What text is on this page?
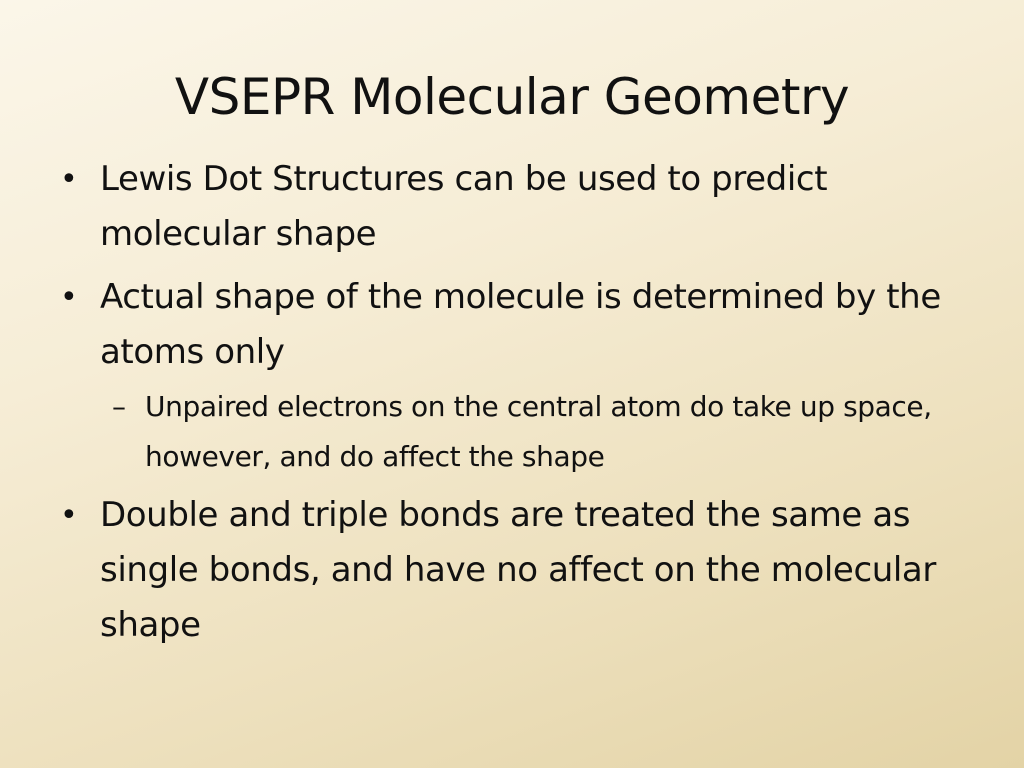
VSEPR Molecular Geometry
• Lewis Dot Structures can be used to predict molecular shape
• Actual shape of the molecule is determined by the atoms only
– Unpaired electrons on the central atom do take up space, however, and do affect the shape
• Double and triple bonds are treated the same as single bonds, and have no affect on the molecular shape
